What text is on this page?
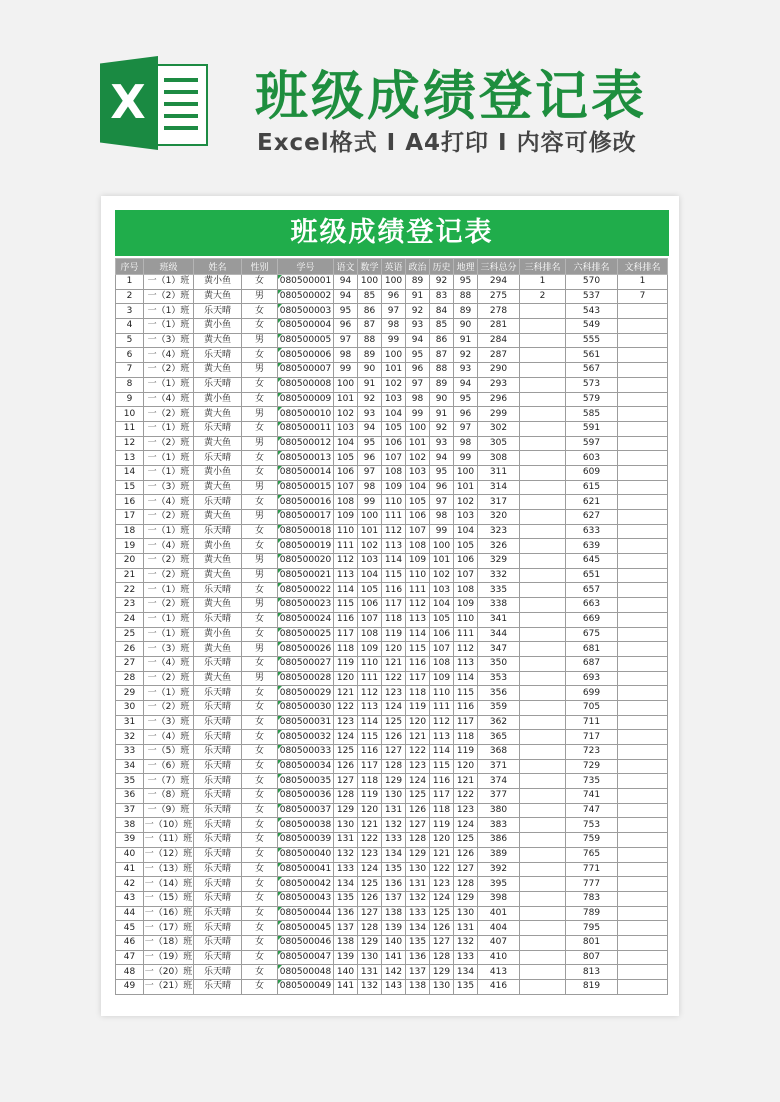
X 班级成绩登记表
Excel格式 I A4打印 I 内容可修改
班级成绩登记表
序号	班级	姓名	性别	学号	语文	数学	英语	政治	历史	地理	三科总分	三科排名	六科排名	文科排名
1	一（1）班	黄小鱼	女	080500001	94	100	100	89	92	95	294	1	570	1
2	一（2）班	黄大鱼	男	080500002	94	85	96	91	83	88	275	2	537	7
3	一（1）班	乐天晴	女	080500003	95	86	97	92	84	89	278		543	
4	一（1）班	黄小鱼	女	080500004	96	87	98	93	85	90	281		549	
5	一（3）班	黄大鱼	男	080500005	97	88	99	94	86	91	284		555	
6	一（4）班	乐天晴	女	080500006	98	89	100	95	87	92	287		561	
7	一（2）班	黄大鱼	男	080500007	99	90	101	96	88	93	290		567	
8	一（1）班	乐天晴	女	080500008	100	91	102	97	89	94	293		573	
9	一（4）班	黄小鱼	女	080500009	101	92	103	98	90	95	296		579	
10	一（2）班	黄大鱼	男	080500010	102	93	104	99	91	96	299		585	
11	一（1）班	乐天晴	女	080500011	103	94	105	100	92	97	302		591	
12	一（2）班	黄大鱼	男	080500012	104	95	106	101	93	98	305		597	
13	一（1）班	乐天晴	女	080500013	105	96	107	102	94	99	308		603	
14	一（1）班	黄小鱼	女	080500014	106	97	108	103	95	100	311		609	
15	一（3）班	黄大鱼	男	080500015	107	98	109	104	96	101	314		615	
16	一（4）班	乐天晴	女	080500016	108	99	110	105	97	102	317		621	
17	一（2）班	黄大鱼	男	080500017	109	100	111	106	98	103	320		627	
18	一（1）班	乐天晴	女	080500018	110	101	112	107	99	104	323		633	
19	一（4）班	黄小鱼	女	080500019	111	102	113	108	100	105	326		639	
20	一（2）班	黄大鱼	男	080500020	112	103	114	109	101	106	329		645	
21	一（2）班	黄大鱼	男	080500021	113	104	115	110	102	107	332		651	
22	一（1）班	乐天晴	女	080500022	114	105	116	111	103	108	335		657	
23	一（2）班	黄大鱼	男	080500023	115	106	117	112	104	109	338		663	
24	一（1）班	乐天晴	女	080500024	116	107	118	113	105	110	341		669	
25	一（1）班	黄小鱼	女	080500025	117	108	119	114	106	111	344		675	
26	一（3）班	黄大鱼	男	080500026	118	109	120	115	107	112	347		681	
27	一（4）班	乐天晴	女	080500027	119	110	121	116	108	113	350		687	
28	一（2）班	黄大鱼	男	080500028	120	111	122	117	109	114	353		693	
29	一（1）班	乐天晴	女	080500029	121	112	123	118	110	115	356		699	
30	一（2）班	乐天晴	女	080500030	122	113	124	119	111	116	359		705	
31	一（3）班	乐天晴	女	080500031	123	114	125	120	112	117	362		711	
32	一（4）班	乐天晴	女	080500032	124	115	126	121	113	118	365		717	
33	一（5）班	乐天晴	女	080500033	125	116	127	122	114	119	368		723	
34	一（6）班	乐天晴	女	080500034	126	117	128	123	115	120	371		729	
35	一（7）班	乐天晴	女	080500035	127	118	129	124	116	121	374		735	
36	一（8）班	乐天晴	女	080500036	128	119	130	125	117	122	377		741	
37	一（9）班	乐天晴	女	080500037	129	120	131	126	118	123	380		747	
38	一（10）班	乐天晴	女	080500038	130	121	132	127	119	124	383		753	
39	一（11）班	乐天晴	女	080500039	131	122	133	128	120	125	386		759	
40	一（12）班	乐天晴	女	080500040	132	123	134	129	121	126	389		765	
41	一（13）班	乐天晴	女	080500041	133	124	135	130	122	127	392		771	
42	一（14）班	乐天晴	女	080500042	134	125	136	131	123	128	395		777	
43	一（15）班	乐天晴	女	080500043	135	126	137	132	124	129	398		783	
44	一（16）班	乐天晴	女	080500044	136	127	138	133	125	130	401		789	
45	一（17）班	乐天晴	女	080500045	137	128	139	134	126	131	404		795	
46	一（18）班	乐天晴	女	080500046	138	129	140	135	127	132	407		801	
47	一（19）班	乐天晴	女	080500047	139	130	141	136	128	133	410		807	
48	一（20）班	乐天晴	女	080500048	140	131	142	137	129	134	413		813	
49	一（21）班	乐天晴	女	080500049	141	132	143	138	130	135	416		819	
